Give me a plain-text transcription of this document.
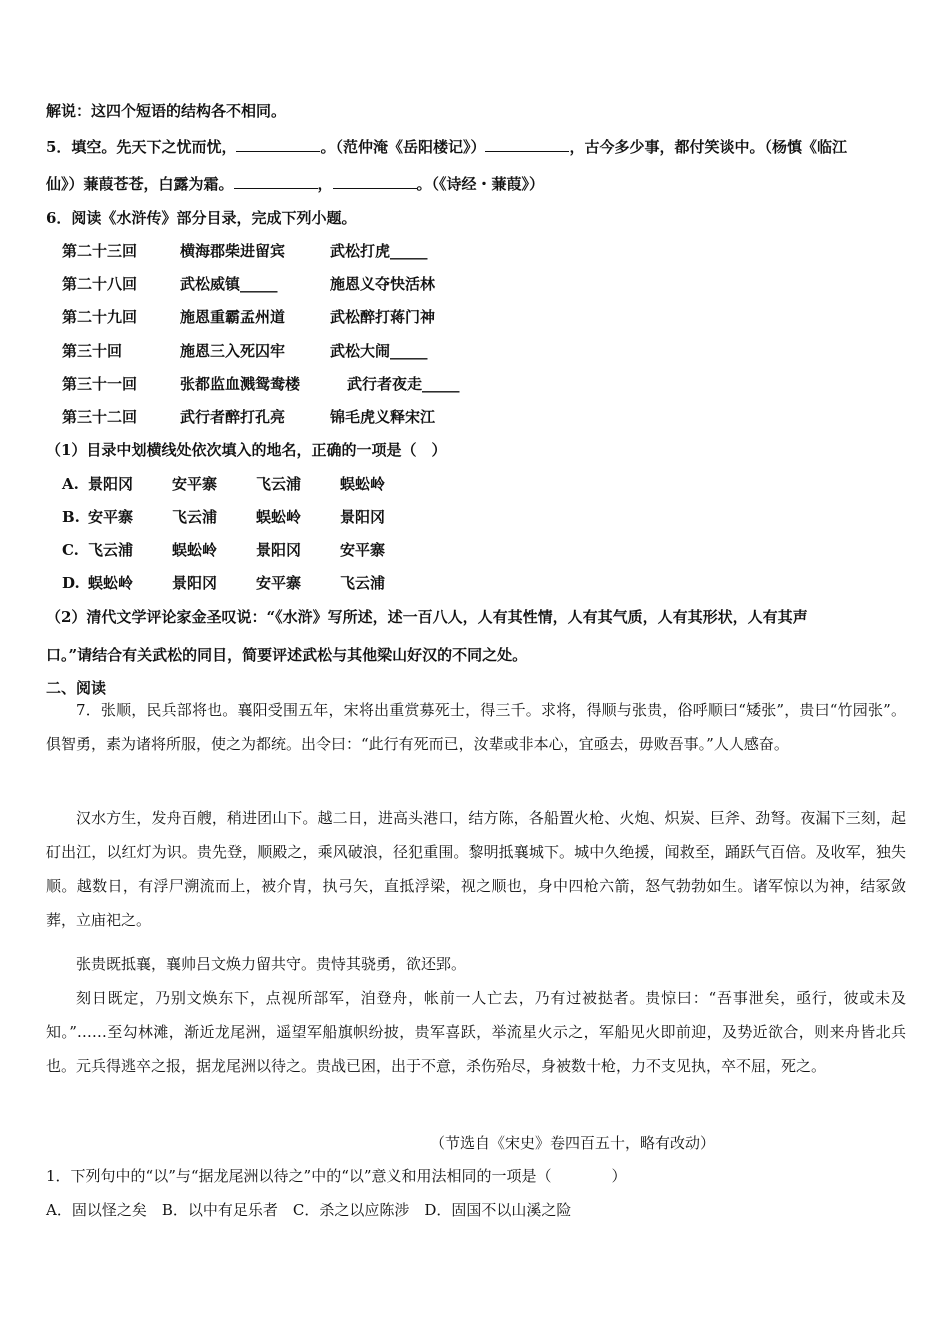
解说：这四个短语的结构各不相同。
5．填空。先天下之忧而忧，	。（范仲淹《岳阳楼记》）	，古今多少事，都付笑谈中。（杨慎《临江
仙》）蒹葭苍苍，白露为霜。	，	。（《诗经・蒹葭》）
6．阅读《水浒传》部分目录，完成下列小题。
第二十三回	横海郡柴进留宾	武松打虎_____
第二十八回	武松威镇_____	施恩义夺快活林
第二十九回	施恩重霸孟州道	武松醉打蒋门神
第三十回	施恩三入死囚牢	武松大闹_____
第三十一回	张都监血溅鸳鸯楼	武行者夜走_____
第三十二回	武行者醉打孔亮	锦毛虎义释宋江
（1）目录中划横线处依次填入的地名，正确的一项是（　）
A. 景阳冈	安平寨	飞云浦	蜈蚣岭
B. 安平寨	飞云浦	蜈蚣岭	景阳冈
C. 飞云浦	蜈蚣岭	景阳冈	安平寨
D. 蜈蚣岭	景阳冈	安平寨	飞云浦
（2）清代文学评论家金圣叹说：“《水浒》写所述，述一百八人，人有其性情，人有其气质，人有其形状，人有其声
口。”请结合有关武松的同目，简要评述武松与其他梁山好汉的不同之处。
二、阅读
7．张顺，民兵部将也。襄阳受围五年，宋将出重赏募死士，得三千。求将，得顺与张贵，俗呼顺曰“矮张”，贵曰“竹园张”。俱智勇，素为诸将所服，使之为都统。出令曰：“此行有死而已，汝辈或非本心，宜亟去，毋败吾事。”人人感奋。
汉水方生，发舟百艘，稍进团山下。越二日，进高头港口，结方陈，各船置火枪、火炮、炽炭、巨斧、劲弩。夜漏下三刻，起矴出江，以红灯为识。贵先登，顺殿之，乘风破浪，径犯重围。黎明抵襄城下。城中久绝援，闻救至，踊跃气百倍。及收军，独失顺。越数日，有浮尸溯流而上，被介胄，执弓矢，直抵浮梁，视之顺也，身中四枪六箭，怒气勃勃如生。诸军惊以为神，结冢敛葬，立庙祀之。
张贵既抵襄，襄帅吕文焕力留共守。贵恃其骁勇，欲还郢。
刻日既定，乃别文焕东下，点视所部军，洎登舟，帐前一人亡去，乃有过被挞者。贵惊曰：“吾事泄矣，亟行，彼或未及知。”……至勾林滩，渐近龙尾洲，遥望军船旗帜纷披，贵军喜跃，举流星火示之，军船见火即前迎，及势近欲合，则来舟皆北兵也。元兵得逃卒之报，据龙尾洲以待之。贵战已困，出于不意，杀伤殆尽，身被数十枪，力不支见执，卒不屈，死之。
（节选自《宋史》卷四百五十，略有改动）
1．下列句中的“以”与“据龙尾洲以待之”中的“以”意义和用法相同的一项是（　　　　）
A．固以怪之矣　B．以中有足乐者　C．杀之以应陈涉　D．固国不以山溪之险
